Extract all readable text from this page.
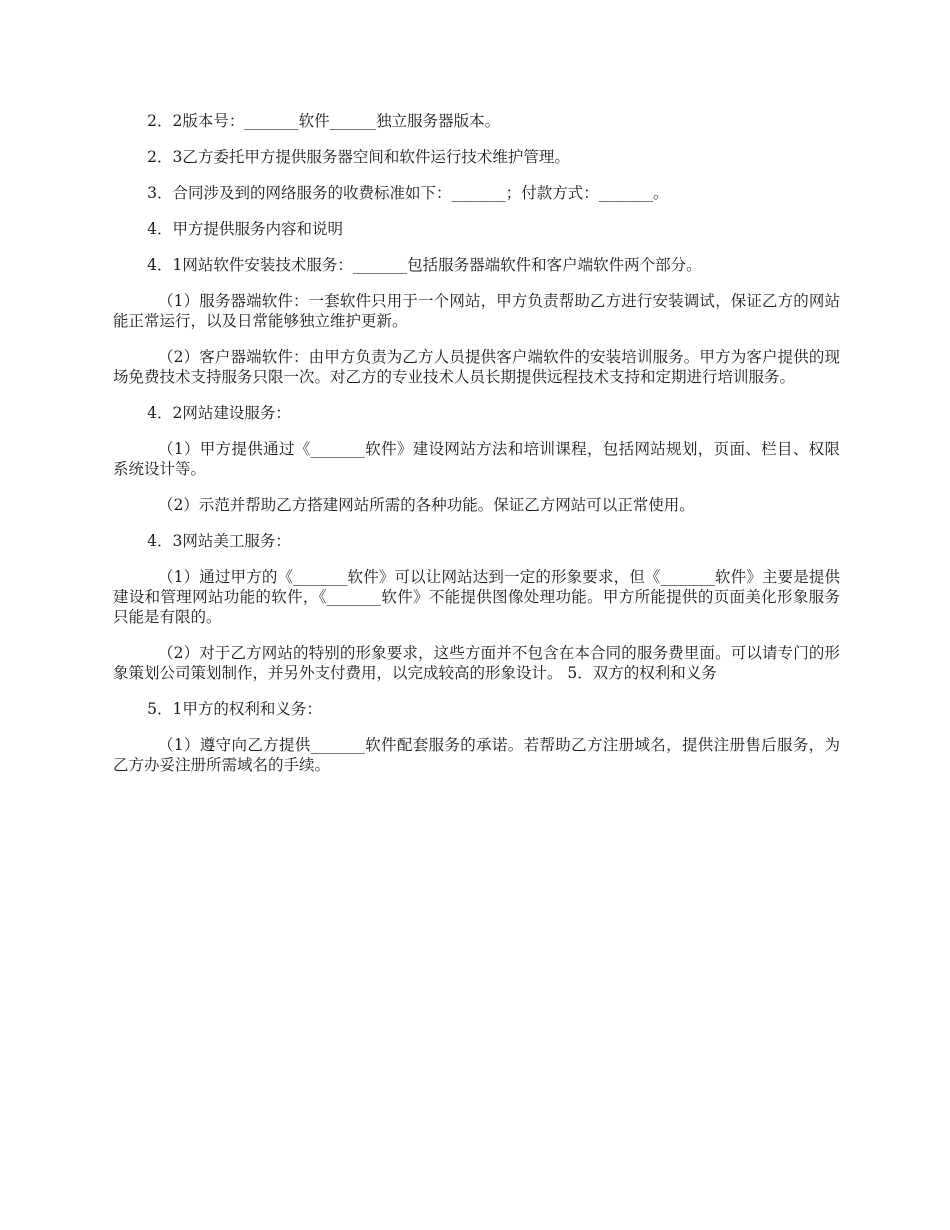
2．2版本号：_______软件______独立服务器版本。

2．3乙方委托甲方提供服务器空间和软件运行技术维护管理。

3．合同涉及到的网络服务的收费标准如下：_______；付款方式：_______。

4．甲方提供服务内容和说明

4．1网站软件安装技术服务：_______包括服务器端软件和客户端软件两个部分。

（1）服务器端软件：一套软件只用于一个网站，甲方负责帮助乙方进行安装调试，保证乙方的网站能正常运行，以及日常能够独立维护更新。

（2）客户器端软件：由甲方负责为乙方人员提供客户端软件的安装培训服务。甲方为客户提供的现场免费技术支持服务只限一次。对乙方的专业技术人员长期提供远程技术支持和定期进行培训服务。

4．2网站建设服务：

（1）甲方提供通过《_______软件》建设网站方法和培训课程，包括网站规划，页面、栏目、权限系统设计等。

（2）示范并帮助乙方搭建网站所需的各种功能。保证乙方网站可以正常使用。

4．3网站美工服务：

（1）通过甲方的《_______软件》可以让网站达到一定的形象要求，但《_______软件》主要是提供建设和管理网站功能的软件，《_______软件》不能提供图像处理功能。甲方所能提供的页面美化形象服务只能是有限的。

（2）对于乙方网站的特别的形象要求，这些方面并不包含在本合同的服务费里面。可以请专门的形象策划公司策划制作，并另外支付费用，以完成较高的形象设计。 5．双方的权利和义务

5．1甲方的权利和义务：

（1）遵守向乙方提供_______软件配套服务的承诺。若帮助乙方注册域名，提供注册售后服务，为乙方办妥注册所需域名的手续。
